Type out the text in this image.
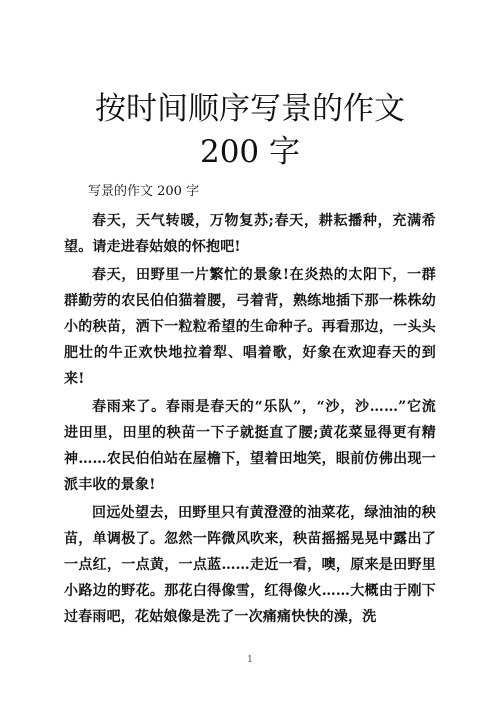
按时间顺序写景的作文
200 字

写景的作文 200 字

春天，天气转暖，万物复苏;春天，耕耘播种，充满希望。请走进春姑娘的怀抱吧!

春天，田野里一片繁忙的景象!在炎热的太阳下，一群群勤劳的农民伯伯猫着腰，弓着背，熟练地插下那一株株幼小的秧苗，洒下一粒粒希望的生命种子。再看那边，一头头肥壮的牛正欢快地拉着犁、唱着歌，好象在欢迎春天的到来!

春雨来了。春雨是春天的“乐队”，“沙，沙……”它流进田里，田里的秧苗一下子就挺直了腰;黄花菜显得更有精神……农民伯伯站在屋檐下，望着田地笑，眼前仿佛出现一派丰收的景象!

回远处望去，田野里只有黄澄澄的油菜花，绿油油的秧苗，单调极了。忽然一阵微风吹来，秧苗摇摇晃晃中露出了一点红，一点黄，一点蓝……走近一看，噢，原来是田野里小路边的野花。那花白得像雪，红得像火……大概由于刚下过春雨吧，花姑娘像是洗了一次痛痛快快的澡，洗

1
